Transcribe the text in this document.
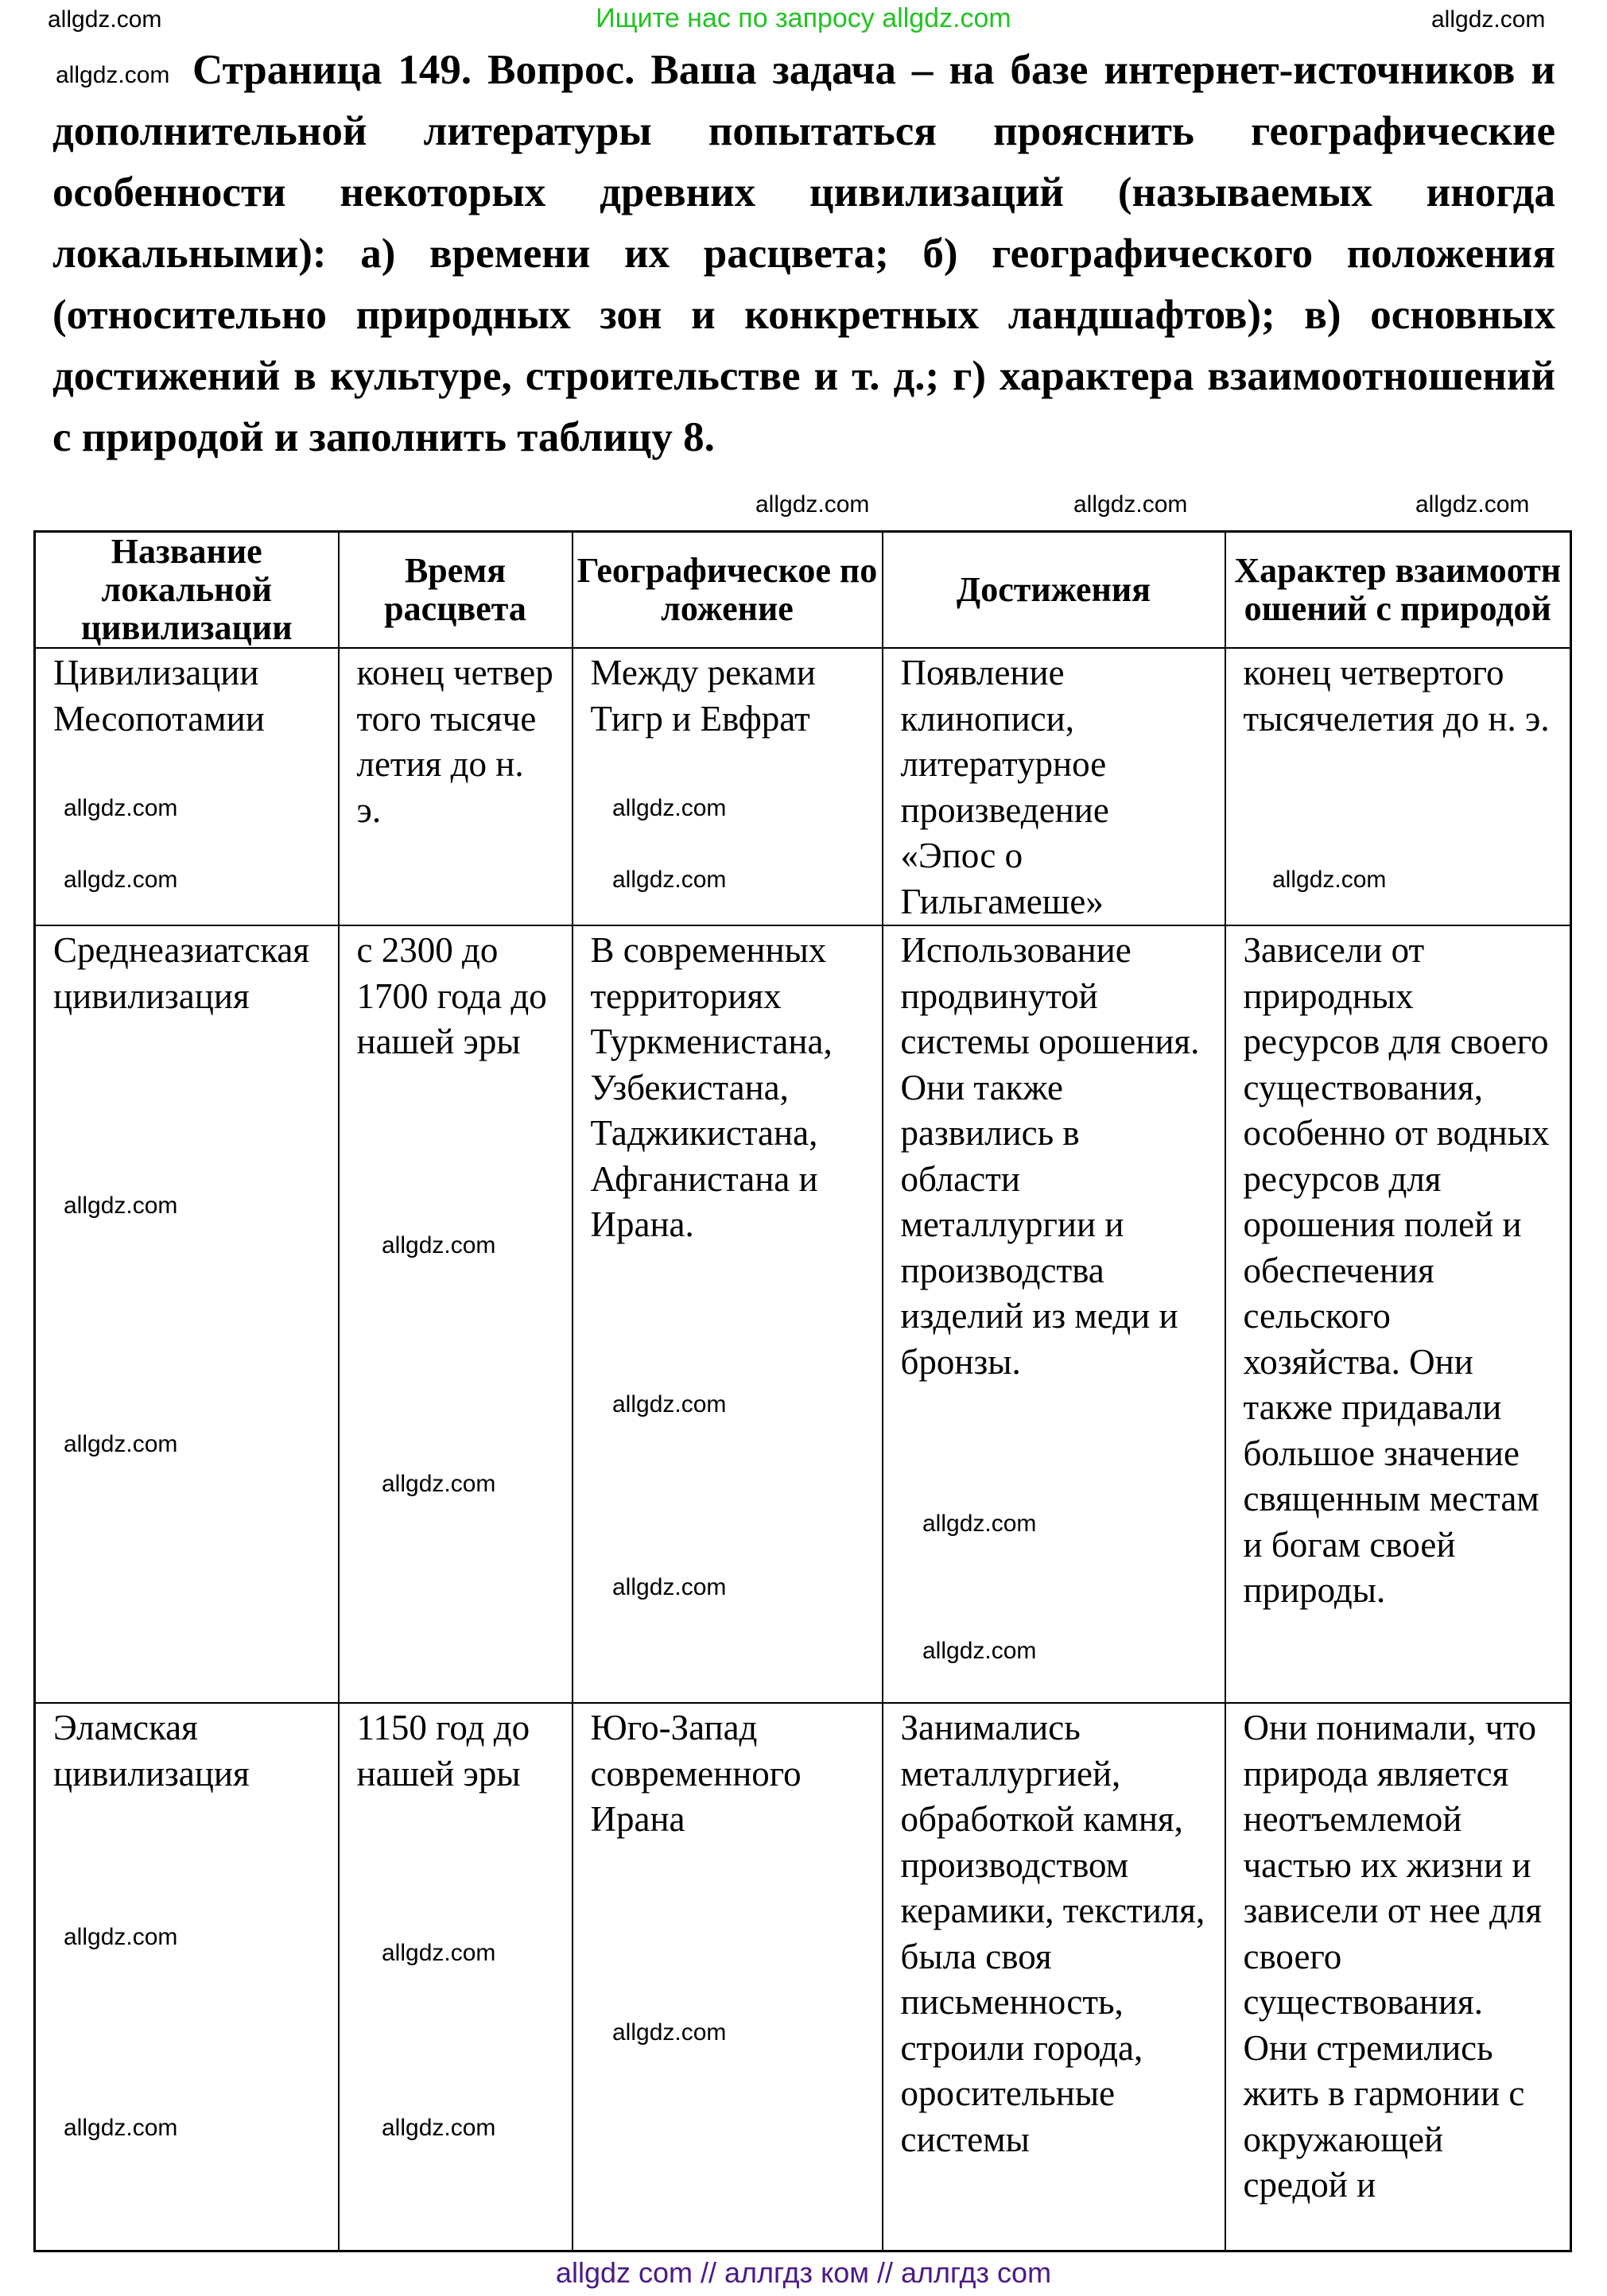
Ищите нас по запросу allgdz.com
Страница 149. Вопрос. Ваша задача – на базе интернет-источников и дополнительной литературы попытаться прояснить географические особенности некоторых древних цивилизаций (называемых иногда локальными): а) времени их расцвета; б) географического положения (относительно природных зон и конкретных ландшафтов); в) основных достижений в культуре, строительстве и т. д.; г) характера взаимоотношений с природой и заполнить таблицу 8.
Название локальной цивилизации	Время расцвета	Географическое положение	Достижения	Характер взаимоотношений с природой
Цивилизации Месопотамии	конец четвертого тысячелетия до н. э.	Между реками Тигр и Евфрат	Появление клинописи, литературное произведение «Эпос о Гильгамеше»	конец четвертого тысячелетия до н. э.
Среднеазиатская цивилизация	с 2300 до 1700 года до нашей эры	В современных территориях Туркменистана, Узбекистана, Таджикистана, Афганистана и Ирана.	Использование продвинутой системы орошения. Они также развились в области металлургии и производства изделий из меди и бронзы.	Зависели от природных ресурсов для своего существования, особенно от водных ресурсов для орошения полей и обеспечения сельского хозяйства. Они также придавали большое значение священным местам и богам своей природы.
Эламская цивилизация	1150 год до нашей эры	Юго-Запад современного Ирана	Занимались металлургией, обработкой камня, производством керамики, текстиля, была своя письменность, строили города, оросительные системы	Они понимали, что природа является неотъемлемой частью их жизни и зависели от нее для своего существования. Они стремились жить в гармонии с окружающей средой и
allgdz.com	allgdz.com
allgdz.com
allgdz.com	allgdz.com	allgdz.com
allgdz.com
allgdz.com
allgdz.com
allgdz.com	allgdz.com
allgdz.com
allgdz.com
allgdz.com
allgdz.com
allgdz.com
allgdz.com
allgdz.com
allgdz.com
allgdz.com
allgdz.com
allgdz.com
allgdz.com
allgdz.com
allgdz com // аллгдз ком // аллгдз com
